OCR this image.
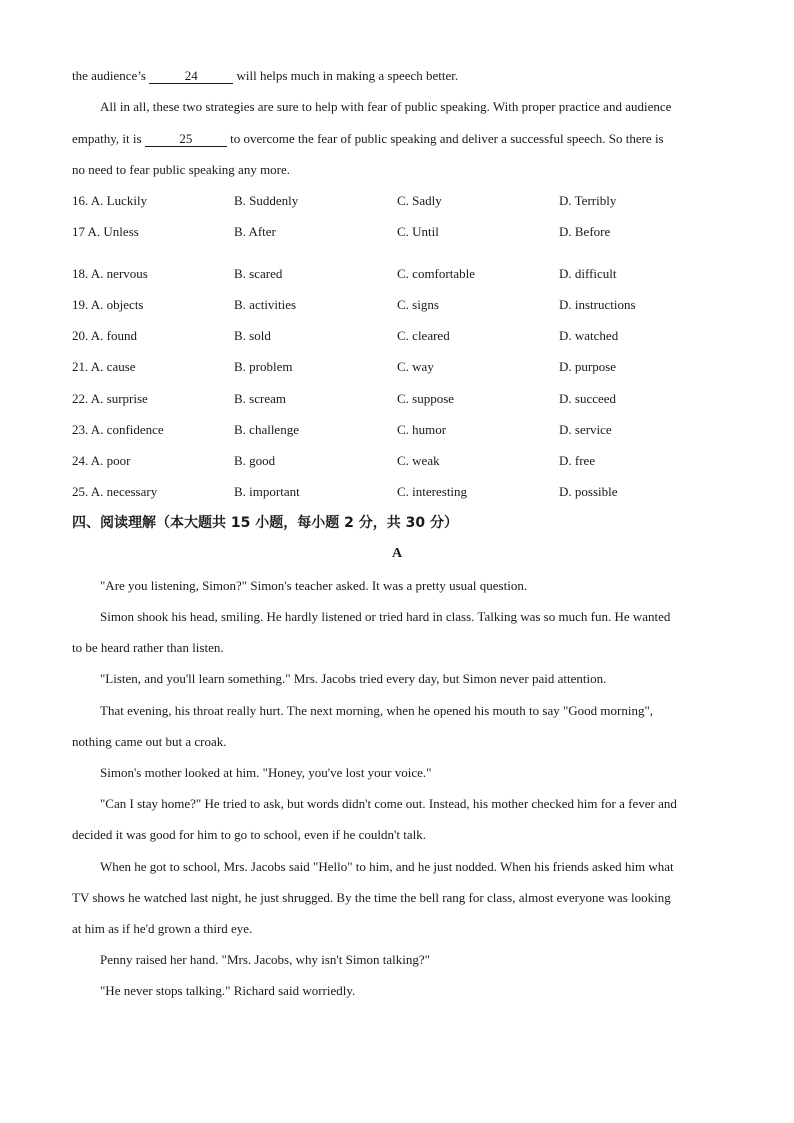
the audience’s	24	will helps much in making a speech better.
All in all, these two strategies are sure to help with fear of public speaking. With proper practice and audience
empathy, it is	25	to overcome the fear of public speaking and deliver a successful speech. So there is
no need to fear public speaking any more.
16. A. Luckily	B. Suddenly	C. Sadly	D. Terribly
17 A. Unless	B. After	C. Until	D. Before
18. A. nervous	B. scared	C. comfortable	D. difficult
19. A. objects	B. activities	C. signs	D. instructions
20. A. found	B. sold	C. cleared	D. watched
21. A. cause	B. problem	C. way	D. purpose
22. A. surprise	B. scream	C. suppose	D. succeed
23. A. confidence	B. challenge	C. humor	D. service
24. A. poor	B. good	C. weak	D. free
25. A. necessary	B. important	C. interesting	D. possible
四、阅读理解（本大题共 15 小题，每小题 2 分，共 30 分）
A
"Are you listening, Simon?" Simon's teacher asked. It was a pretty usual question.
Simon shook his head, smiling. He hardly listened or tried hard in class. Talking was so much fun. He wanted
to be heard rather than listen.
"Listen, and you'll learn something." Mrs. Jacobs tried every day, but Simon never paid attention.
That evening, his throat really hurt. The next morning, when he opened his mouth to say "Good morning",
nothing came out but a croak.
Simon's mother looked at him. "Honey, you've lost your voice."
"Can I stay home?" He tried to ask, but words didn't come out. Instead, his mother checked him for a fever and
decided it was good for him to go to school, even if he couldn't talk.
When he got to school, Mrs. Jacobs said "Hello" to him, and he just nodded. When his friends asked him what
TV shows he watched last night, he just shrugged. By the time the bell rang for class, almost everyone was looking
at him as if he'd grown a third eye.
Penny raised her hand. "Mrs. Jacobs, why isn't Simon talking?"
"He never stops talking." Richard said worriedly.
